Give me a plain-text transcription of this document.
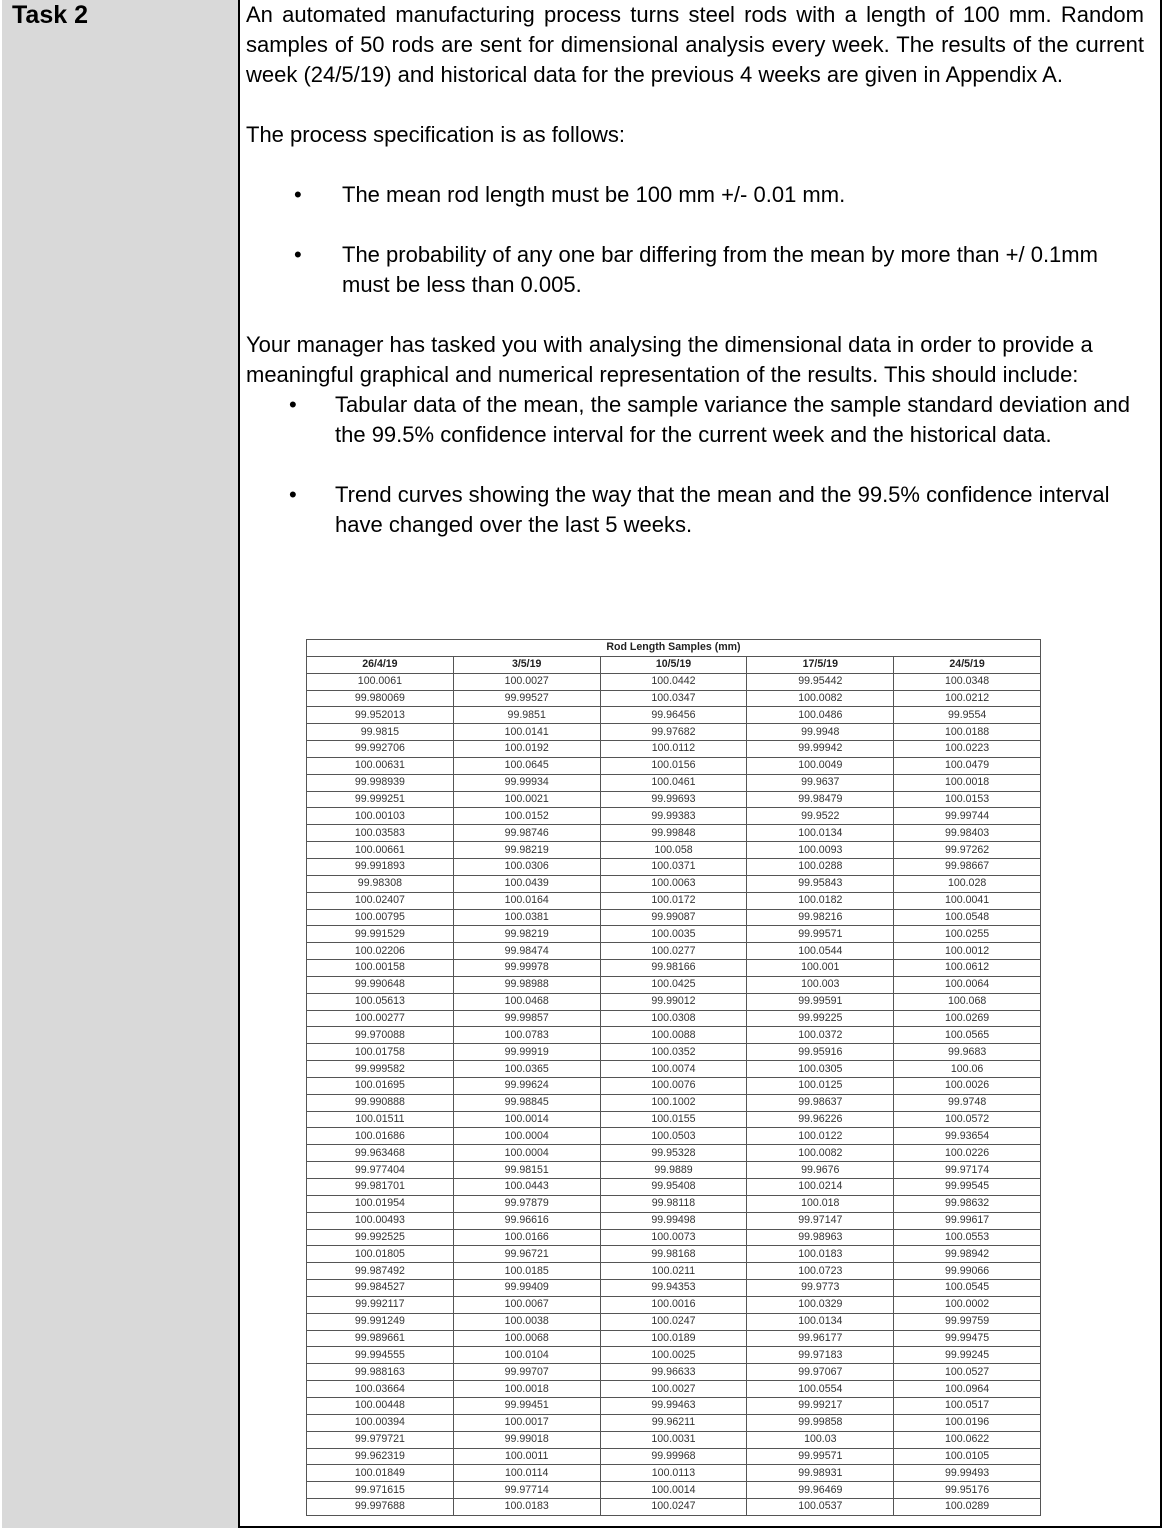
Task 2	An automated manufacturing process turns steel rods with a length of 100 mm. Random samples of 50 rods are sent for dimensional analysis every week. The results of the current week (24/5/19) and historical data for the previous 4 weeks are given in Appendix A.

The process specification is as follows:

• The mean rod length must be 100 mm +/- 0.01 mm.

• The probability of any one bar differing from the mean by more than +/ 0.1mm must be less than 0.005.

Your manager has tasked you with analysing the dimensional data in order to provide a meaningful graphical and numerical representation of the results. This should include:

• Tabular data of the mean, the sample variance the sample standard deviation and the 99.5% confidence interval for the current week and the historical data.

• Trend curves showing the way that the mean and the 99.5% confidence interval have changed over the last 5 weeks.
Rod Length Samples (mm)				
26/4/19	3/5/19	10/5/19	17/5/19	24/5/19
100.0061	100.0027	100.0442	99.95442	100.0348
99.980069	99.99527	100.0347	100.0082	100.0212
99.952013	99.9851	99.96456	100.0486	99.9554
99.9815	100.0141	99.97682	99.9948	100.0188
99.992706	100.0192	100.0112	99.99942	100.0223
100.00631	100.0645	100.0156	100.0049	100.0479
99.998939	99.99934	100.0461	99.9637	100.0018
99.999251	100.0021	99.99693	99.98479	100.0153
100.00103	100.0152	99.99383	99.9522	99.99744
100.03583	99.98746	99.99848	100.0134	99.98403
100.00661	99.98219	100.058	100.0093	99.97262
99.991893	100.0306	100.0371	100.0288	99.98667
99.98308	100.0439	100.0063	99.95843	100.028
100.02407	100.0164	100.0172	100.0182	100.0041
100.00795	100.0381	99.99087	99.98216	100.0548
99.991529	99.98219	100.0035	99.99571	100.0255
100.02206	99.98474	100.0277	100.0544	100.0012
100.00158	99.99978	99.98166	100.001	100.0612
99.990648	99.98988	100.0425	100.003	100.0064
100.05613	100.0468	99.99012	99.99591	100.068
100.00277	99.99857	100.0308	99.99225	100.0269
99.970088	100.0783	100.0088	100.0372	100.0565
100.01758	99.99919	100.0352	99.95916	99.9683
99.999582	100.0365	100.0074	100.0305	100.06
100.01695	99.99624	100.0076	100.0125	100.0026
99.990888	99.98845	100.1002	99.98637	99.9748
100.01511	100.0014	100.0155	99.96226	100.0572
100.01686	100.0004	100.0503	100.0122	99.93654
99.963468	100.0004	99.95328	100.0082	100.0226
99.977404	99.98151	99.9889	99.9676	99.97174
99.981701	100.0443	99.95408	100.0214	99.99545
100.01954	99.97879	99.98118	100.018	99.98632
100.00493	99.96616	99.99498	99.97147	99.99617
99.992525	100.0166	100.0073	99.98963	100.0553
100.01805	99.96721	99.98168	100.0183	99.98942
99.987492	100.0185	100.0211	100.0723	99.99066
99.984527	99.99409	99.94353	99.9773	100.0545
99.992117	100.0067	100.0016	100.0329	100.0002
99.991249	100.0038	100.0247	100.0134	99.99759
99.989661	100.0068	100.0189	99.96177	99.99475
99.994555	100.0104	100.0025	99.97183	99.99245
99.988163	99.99707	99.96633	99.97067	100.0527
100.03664	100.0018	100.0027	100.0554	100.0964
100.00448	99.99451	99.99463	99.99217	100.0517
100.00394	100.0017	99.96211	99.99858	100.0196
99.979721	99.99018	100.0031	100.03	100.0622
99.962319	100.0011	99.99968	99.99571	100.0105
100.01849	100.0114	100.0113	99.98931	99.99493
99.971615	99.97714	100.0014	99.96469	99.95176
99.997688	100.0183	100.0247	100.0537	100.0289
